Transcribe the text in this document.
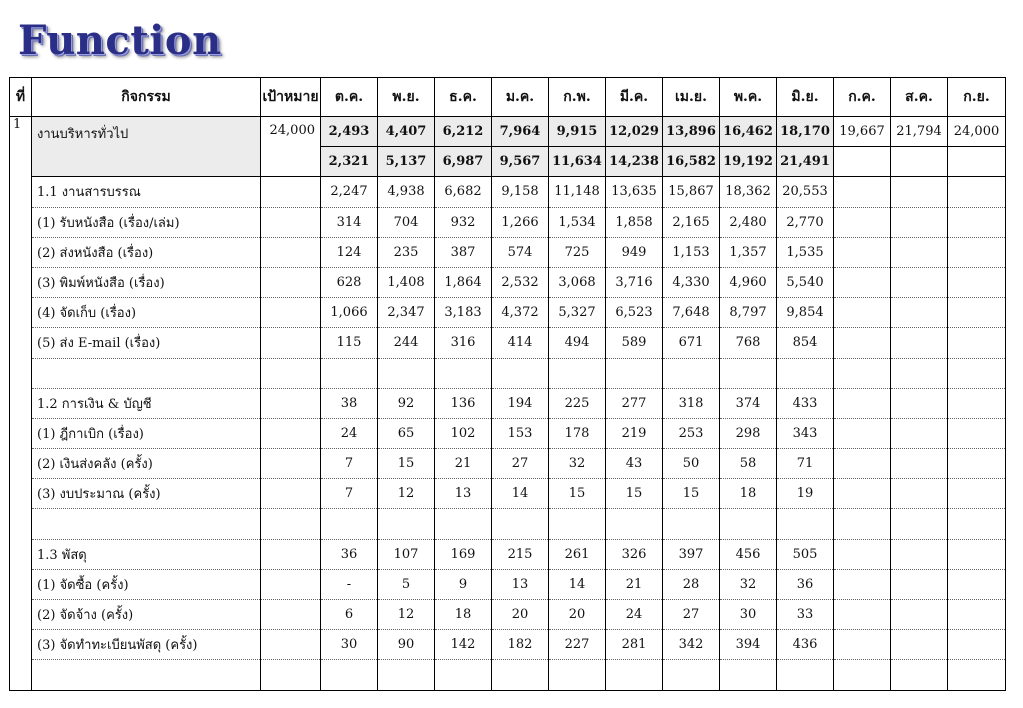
Function
ที่	กิจกรรม	เป้าหมาย	ต.ค.	พ.ย.	ธ.ค.	ม.ค.	ก.พ.	มี.ค.	เม.ย.	พ.ค.	มิ.ย.	ก.ค.	ส.ค.	ก.ย.
1	งานบริหารทั่วไป	24,000	2,493	4,407	6,212	7,964	9,915	12,029	13,896	16,462	18,170	19,667	21,794	24,000
			2,321	5,137	6,987	9,567	11,634	14,238	16,582	19,192	21,491			
	1.1 งานสารบรรณ		2,247	4,938	6,682	9,158	11,148	13,635	15,867	18,362	20,553			
	(1) รับหนังสือ (เรื่อง/เล่ม)		314	704	932	1,266	1,534	1,858	2,165	2,480	2,770			
	(2) ส่งหนังสือ (เรื่อง)		124	235	387	574	725	949	1,153	1,357	1,535			
	(3) พิมพ์หนังสือ (เรื่อง)		628	1,408	1,864	2,532	3,068	3,716	4,330	4,960	5,540			
	(4) จัดเก็บ (เรื่อง)		1,066	2,347	3,183	4,372	5,327	6,523	7,648	8,797	9,854			
	(5) ส่ง E-mail (เรื่อง)		115	244	316	414	494	589	671	768	854			

	1.2 การเงิน & บัญชี		38	92	136	194	225	277	318	374	433			
	(1) ฎีกาเบิก (เรื่อง)		24	65	102	153	178	219	253	298	343			
	(2) เงินส่งคลัง (ครั้ง)		7	15	21	27	32	43	50	58	71			
	(3) งบประมาณ (ครั้ง)		7	12	13	14	15	15	15	18	19			

	1.3 พัสดุ		36	107	169	215	261	326	397	456	505			
	(1) จัดซื้อ (ครั้ง)		-	5	9	13	14	21	28	32	36			
	(2) จัดจ้าง (ครั้ง)		6	12	18	20	20	24	27	30	33			
	(3) จัดทำทะเบียนพัสดุ (ครั้ง)		30	90	142	182	227	281	342	394	436			
